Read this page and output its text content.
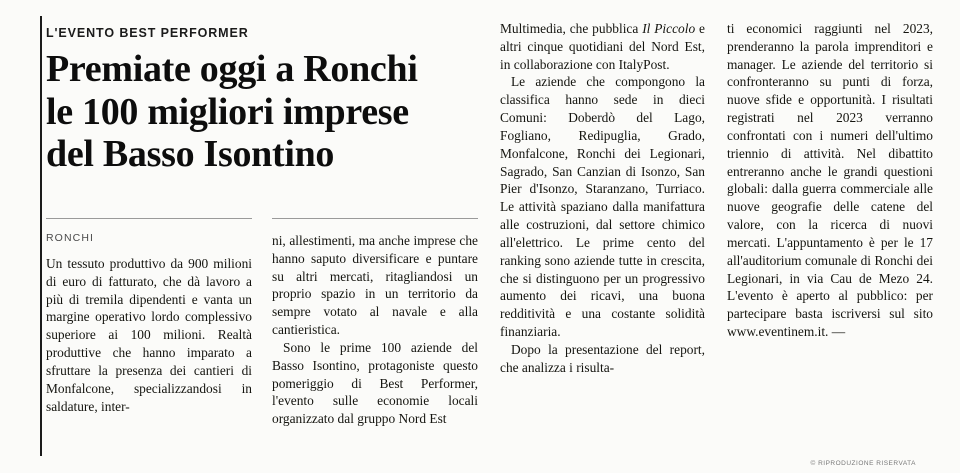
L'EVENTO BEST PERFORMER
Premiate oggi a Ronchi
le 100 migliori imprese
del Basso Isontino
RONCHI

Un tessuto produttivo da 900 milioni di euro di fatturato, che dà lavoro a più di tremila dipendenti e vanta un margine operativo lordo complessivo superiore ai 100 milioni. Realtà produttive che hanno imparato a sfruttare la presenza dei cantieri di Monfalcone, specializzandosi in saldature, inter-

ni, allestimenti, ma anche imprese che hanno saputo diversificare e puntare su altri mercati, ritagliandosi un proprio spazio in un territorio da sempre votato al navale e alla cantieristica.

Sono le prime 100 aziende del Basso Isontino, protagoniste questo pomeriggio di Best Performer, l'evento sulle economie locali organizzato dal gruppo Nord Est

Multimedia, che pubblica Il Piccolo e altri cinque quotidiani del Nord Est, in collaborazione con ItalyPost.

Le aziende che compongono la classifica hanno sede in dieci Comuni: Doberdò del Lago, Fogliano, Redipuglia, Grado, Monfalcone, Ronchi dei Legionari, Sagrado, San Canzian di Isonzo, San Pier d'Isonzo, Staranzano, Turriaco. Le attività spaziano dalla manifattura alle costruzioni, dal settore chimico all'elettrico. Le prime cento del ranking sono aziende tutte in crescita, che si distinguono per un progressivo aumento dei ricavi, una buona redditività e una costante solidità finanziaria.

Dopo la presentazione del report, che analizza i risulta-

ti economici raggiunti nel 2023, prenderanno la parola imprenditori e manager. Le aziende del territorio si confronteranno su punti di forza, nuove sfide e opportunità. I risultati registrati nel 2023 verranno confrontati con i numeri dell'ultimo triennio di attività. Nel dibattito entreranno anche le grandi questioni globali: dalla guerra commerciale alle nuove geografie delle catene del valore, con la ricerca di nuovi mercati. L'appuntamento è per le 17 all'auditorium comunale di Ronchi dei Legionari, in via Cau de Mezo 24. L'evento è aperto al pubblico: per partecipare basta iscriversi sul sito www.eventinem.it. —

© RIPRODUZIONE RISERVATA
